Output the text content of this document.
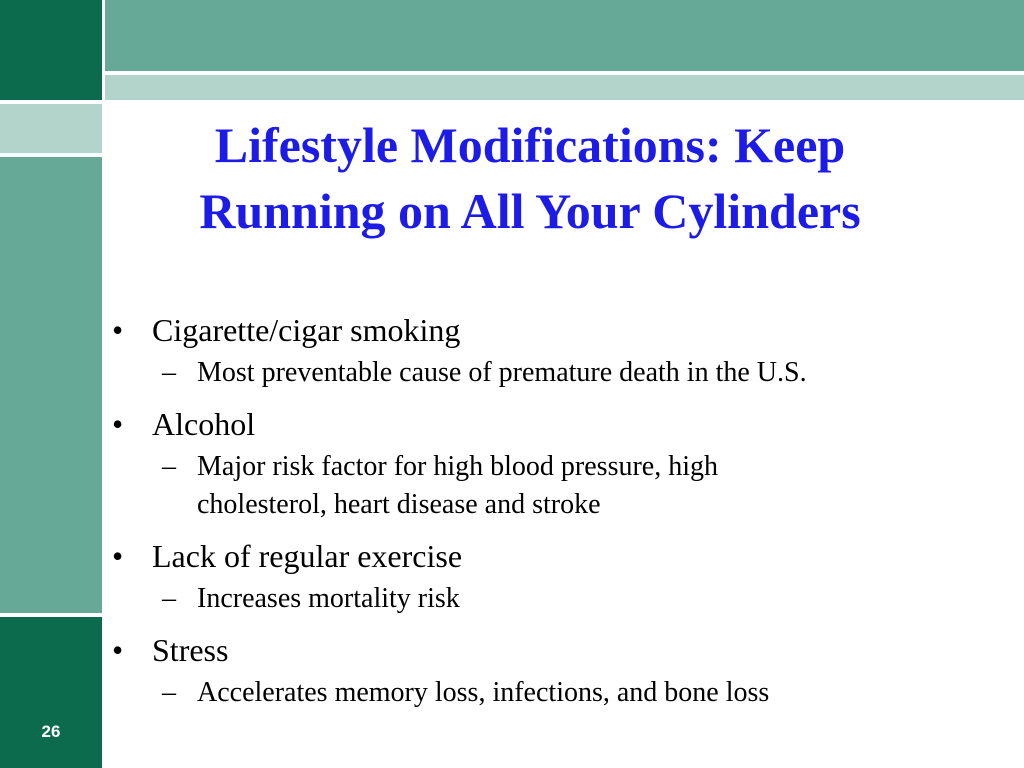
26
Lifestyle Modifications: Keep
Running on All Your Cylinders
• Cigarette/cigar smoking
– Most preventable cause of premature death in the U.S.
• Alcohol
– Major risk factor for high blood pressure, high
cholesterol, heart disease and stroke
• Lack of regular exercise
– Increases mortality risk
• Stress
– Accelerates memory loss, infections, and bone loss
